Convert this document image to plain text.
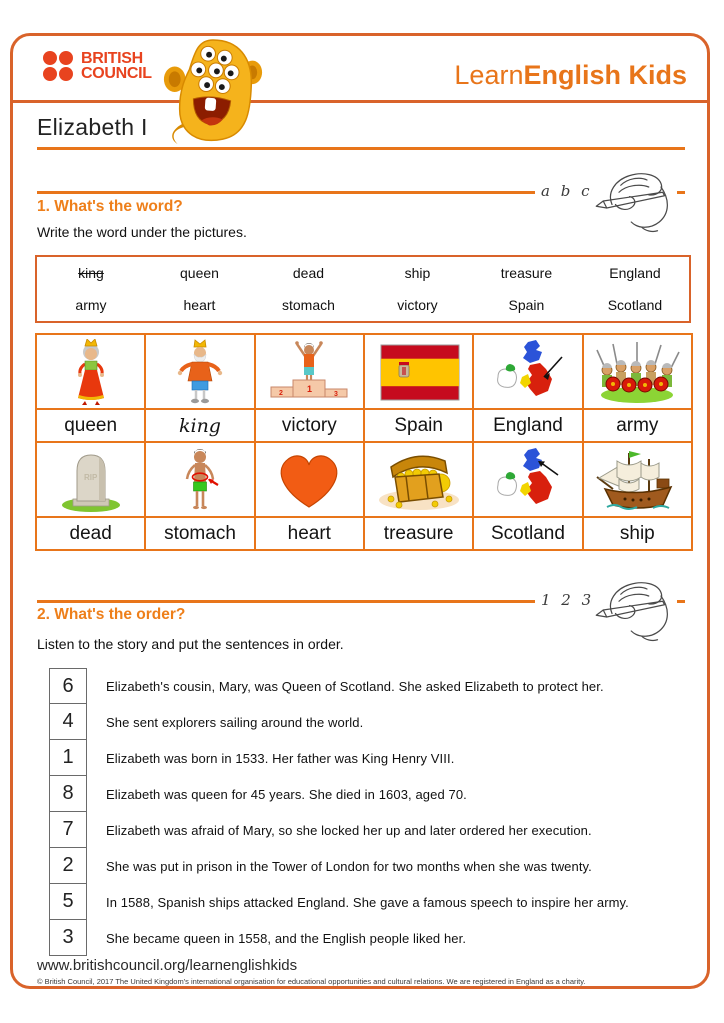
BRITISH
COUNCIL	LearnEnglish Kids
Elizabeth I
a b c
1. What's the word?
Write the word under the pictures.
king	queen	dead	ship	treasure	England
army	heart	stomach	victory	Spain	Scotland

1
2 3

queen	king	victory	Spain	England	army

RIP

dead	stomach	heart	treasure	Scotland	ship
1 2 3
2. What's the order?
Listen to the story and put the sentences in order.
6	Elizabeth's cousin, Mary, was Queen of Scotland. She asked Elizabeth to protect her.
4	She sent explorers sailing around the world.
1	Elizabeth was born in 1533. Her father was King Henry VIII.
8	Elizabeth was queen for 45 years. She died in 1603, aged 70.
7	Elizabeth was afraid of Mary, so she locked her up and later ordered her execution.
2	She was put in prison in the Tower of London for two months when she was twenty.
5	In 1588, Spanish ships attacked England. She gave a famous speech to inspire her army.
3	She became queen in 1558, and the English people liked her.
www.britishcouncil.org/learnenglishkids
© British Council, 2017 The United Kingdom's international organisation for educational opportunities and cultural relations. We are registered in England as a charity.
